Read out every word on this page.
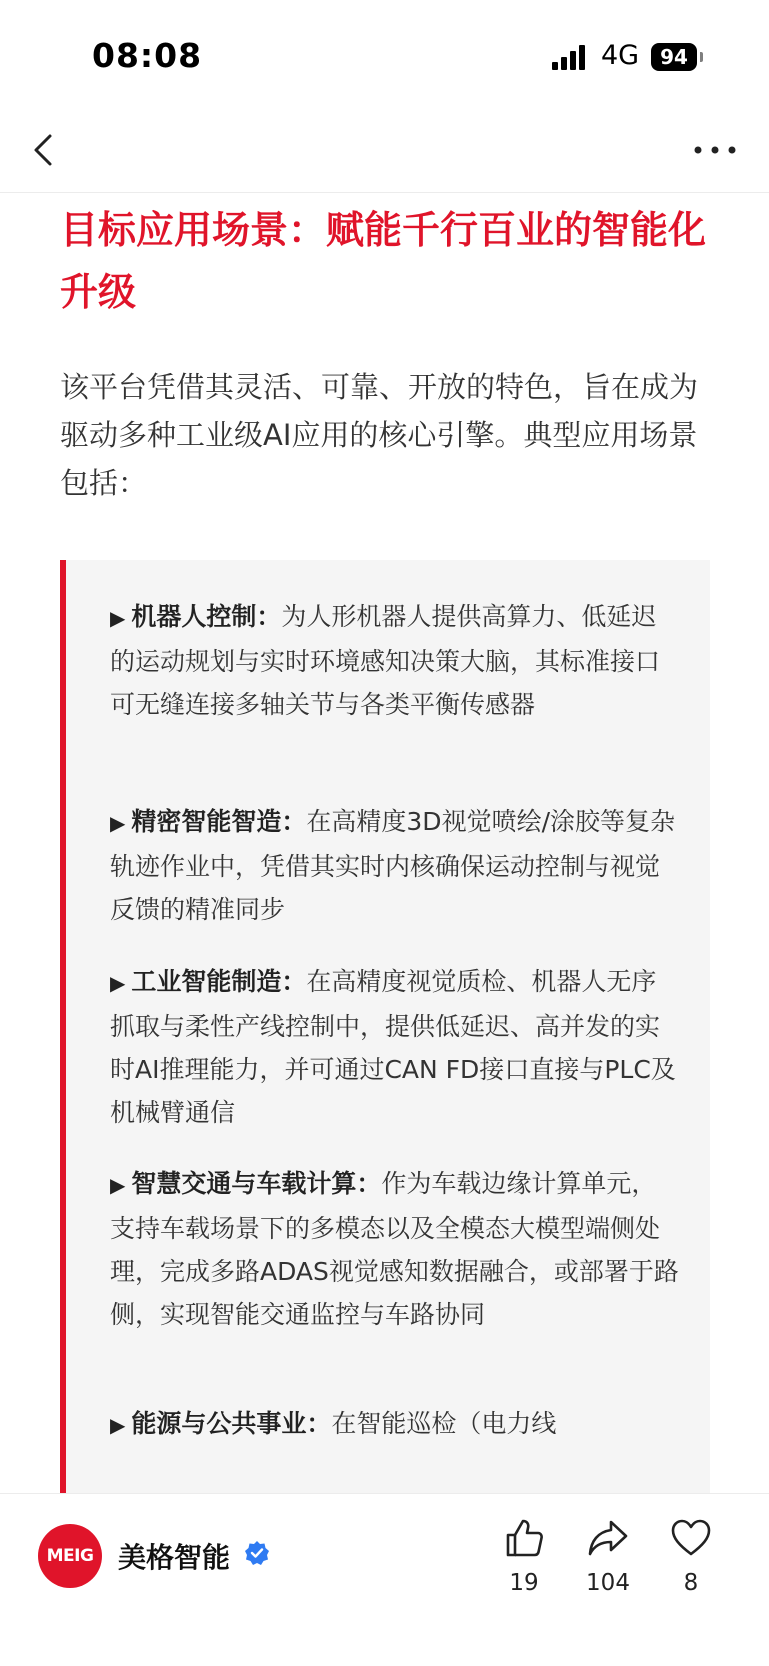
08:08	4G	94
目标应用场景：赋能千行百业的智能化升级

该平台凭借其灵活、可靠、开放的特色，旨在成为驱动多种工业级AI应用的核心引擎。典型应用场景包括：

▶ 机器人控制：为人形机器人提供高算力、低延迟的运动规划与实时环境感知决策大脑，其标准接口可无缝连接多轴关节与各类平衡传感器
▶ 精密智能智造：在高精度3D视觉喷绘/涂胶等复杂轨迹作业中，凭借其实时内核确保运动控制与视觉反馈的精准同步
▶ 工业智能制造：在高精度视觉质检、机器人无序抓取与柔性产线控制中，提供低延迟、高并发的实时AI推理能力，并可通过CAN FD接口直接与PLC及机械臂通信
▶ 智慧交通与车载计算：作为车载边缘计算单元，支持车载场景下的多模态以及全模态大模型端侧处理，完成多路ADAS视觉感知数据融合，或部署于路侧，实现智能交通监控与车路协同
▶ 能源与公共事业：在智能巡检（电力线
MEIG 美格智能
19	104	8
